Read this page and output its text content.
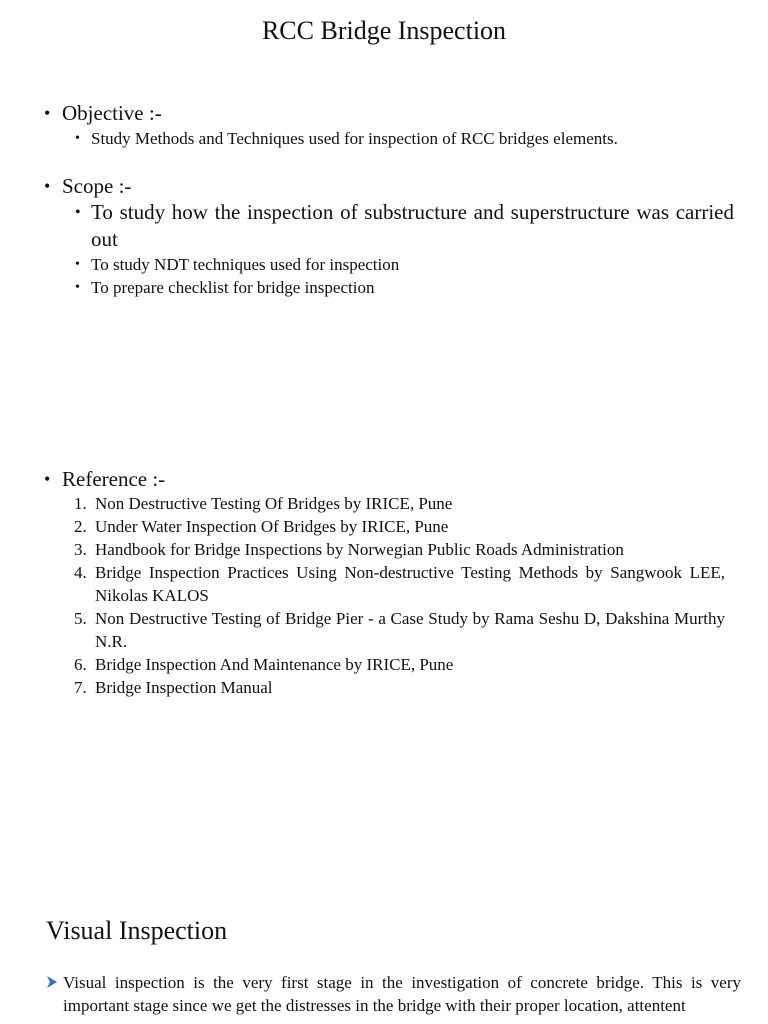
RCC Bridge Inspection
• Objective :-
• Study Methods and Techniques used for inspection of RCC bridges elements.
• Scope :-
• To study how the inspection of substructure and superstructure was carried out
• To study NDT techniques used for inspection
• To prepare checklist for bridge inspection
• Reference :-
1. Non Destructive Testing Of Bridges by IRICE, Pune
2. Under Water Inspection Of Bridges by IRICE, Pune
3. Handbook for Bridge Inspections by Norwegian Public Roads Administration
4. Bridge Inspection Practices Using Non-destructive Testing Methods by Sangwook LEE, Nikolas KALOS
5. Non Destructive Testing of Bridge Pier - a Case Study by Rama Seshu D, Dakshina Murthy N.R.
6. Bridge Inspection And Maintenance by IRICE, Pune
7. Bridge Inspection Manual
Visual Inspection
Visual inspection is the very first stage in the investigation of concrete bridge. This is very important stage since we get the distresses in the bridge with their proper location, attentent
